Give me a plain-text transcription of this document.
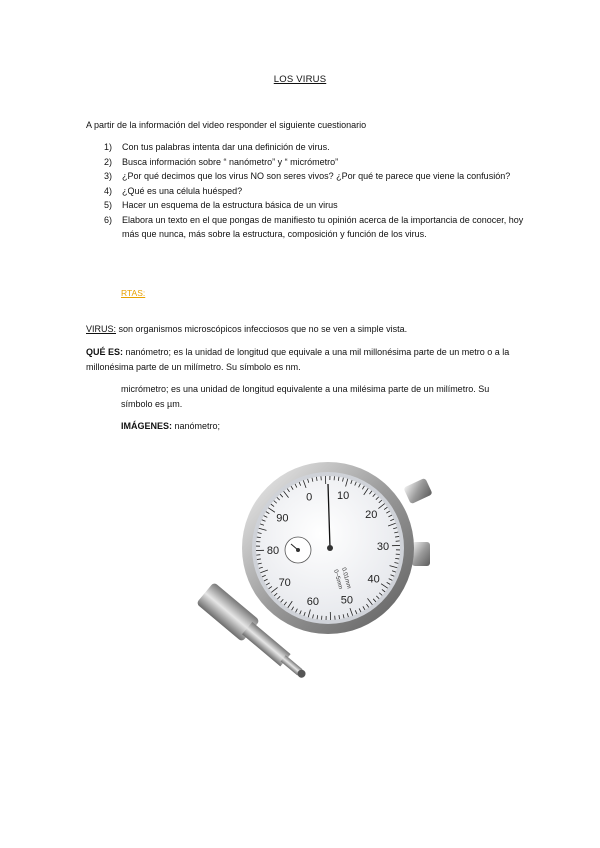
LOS VIRUS
A partir de la información del video responder el siguiente cuestionario
1)	Con tus palabras intenta dar una definición de virus.
2)	Busca información sobre “ nanómetro” y “ micrómetro”
3)	¿Por qué decimos que los virus NO son seres vivos? ¿Por qué te parece que viene la confusión?
4)	¿Qué es una célula huésped?
5)	Hacer un esquema de la estructura básica de un virus
6)	Elabora un texto en el que pongas de manifiesto tu opinión acerca de la importancia de conocer, hoy más que nunca, más sobre la estructura, composición y función de los virus.
RTAS:
VIRUS: son organismos microscópicos infecciosos que no se ven a simple vista.
QUÉ ES: nanómetro; es la unidad de longitud que equivale a una mil millonésima parte de un metro o a la millonésima parte de un milímetro. Su símbolo es nm.
micrómetro; es una unidad de longitud equivalente a una milésima parte de un milímetro. Su símbolo es µm.
IMÁGENES: nanómetro;
90
80
70
60 50
40
30
20
10
0
0.01mm
0~5mm
